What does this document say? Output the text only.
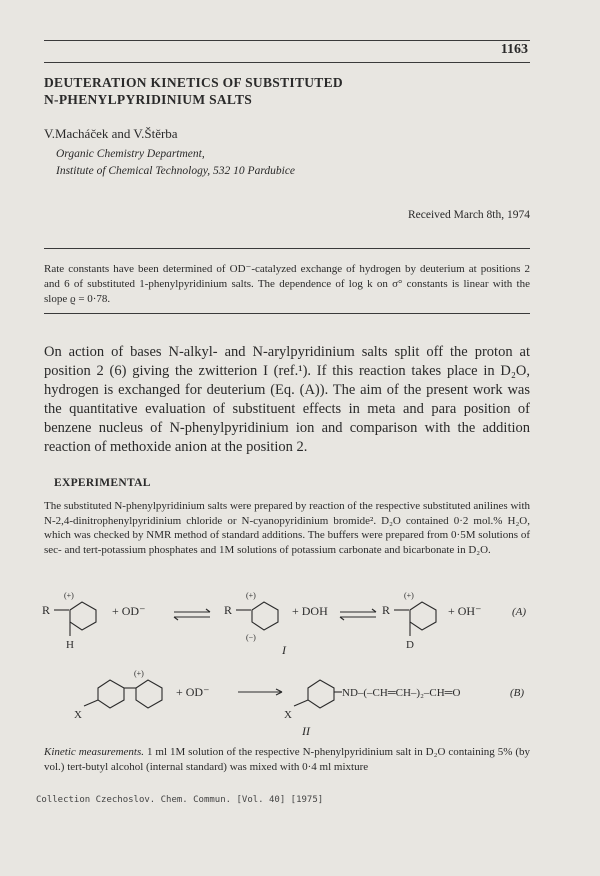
1163
DEUTERATION KINETICS OF SUBSTITUTED
N-PHENYLPYRIDINIUM SALTS
V.Macháček and V.Štěrba
Organic Chemistry Department,
Institute of Chemical Technology, 532 10 Pardubice
Received March 8th, 1974
Rate constants have been determined of OD⁻-catalyzed exchange of hydrogen by deuterium at positions 2 and 6 of substituted 1-phenylpyridinium salts. The dependence of log k on σ° constants is linear with the slope ϱ = 0·78.
On action of bases N-alkyl- and N-arylpyridinium salts split off the proton at position 2 (6) giving the zwitterion I (ref.¹). If this reaction takes place in D₂O, hydrogen is exchanged for deuterium (Eq. (A)). The aim of the present work was the quantitative evaluation of substituent effects in meta and para position of benzene nucleus of N-phenylpyridinium ion and comparison with the addition reaction of methoxide anion at the position 2.
EXPERIMENTAL
The substituted N-phenylpyridinium salts were prepared by reaction of the respective substituted anilines with N-2,4-dinitrophenylpyridinium chloride or N-cyanopyridinium bromide². D₂O contained 0·2 mol.% H₂O, which was checked by NMR method of standard additions. The buffers were prepared from 0·5M solutions of sec- and tert-potassium phosphates and 1M solutions of potassium carbonate and bicarbonate in D₂O.
R
(+)
H
+ OD⁻	R
(+)
(−)
+ DOH	R
(+)
D
+ OH⁻	(A)
I
X
(+)
+ OD⁻
X
ND–(–CH═CH–)₂–CH═O	(B)
II
Kinetic measurements. 1 ml 1M solution of the respective N-phenylpyridinium salt in D₂O containing 5% (by vol.) tert-butyl alcohol (internal standard) was mixed with 0·4 ml mixture
Collection Czechoslov. Chem. Commun. [Vol. 40] [1975]
